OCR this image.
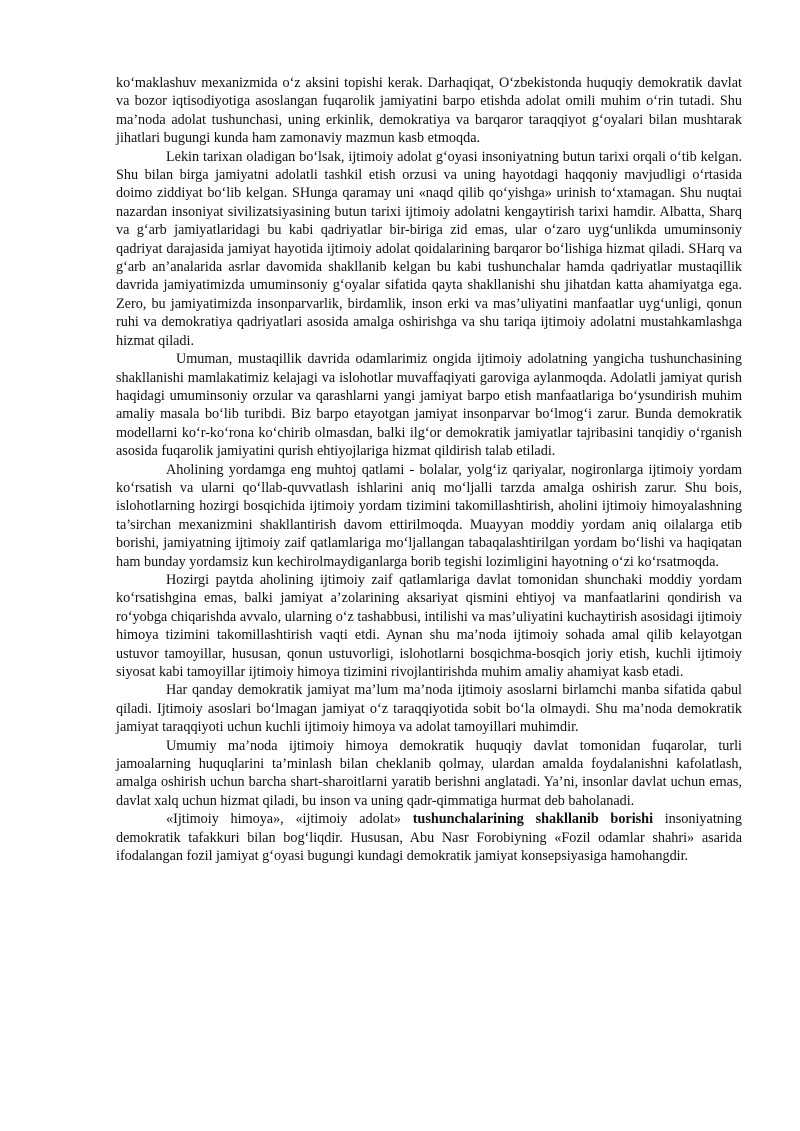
ko‘maklashuv mexanizmida o‘z aksini topishi kerak. Darhaqiqat, O‘zbekistonda huquqiy demokratik davlat va bozor iqtisodiyotiga asoslangan fuqarolik jamiyatini barpo etishda adolat omili muhim o‘rin tutadi. Shu ma’noda adolat tushunchasi, uning erkinlik, demokratiya va barqaror taraqqiyot g‘oyalari bilan mushtarak jihatlari bugungi kunda ham zamonaviy mazmun kasb etmoqda.

Lekin tarixan oladigan bo‘lsak, ijtimoiy adolat g‘oyasi insoniyatning butun tarixi orqali o‘tib kelgan. Shu bilan birga jamiyatni adolatli tashkil etish orzusi va uning hayotdagi haqqoniy mavjudligi o‘rtasida doimo ziddiyat bo‘lib kelgan. SHunga qaramay uni «naqd qilib qo‘yishga» urinish to‘xtamagan. Shu nuqtai nazardan insoniyat sivilizatsiyasining butun tarixi ijtimoiy adolatni kengaytirish tarixi hamdir. Albatta, Sharq va g‘arb jamiyatlaridagi bu kabi qadriyatlar bir-biriga zid emas, ular o‘zaro uyg‘unlikda umuminsoniy qadriyat darajasida jamiyat hayotida ijtimoiy adolat qoidalarining barqaror bo‘lishiga hizmat qiladi. SHarq va g‘arb an’analarida asrlar davomida shakllanib kelgan bu kabi tushunchalar hamda qadriyatlar mustaqillik davrida jamiyatimizda umuminsoniy g‘oyalar sifatida qayta shakllanishi shu jihatdan katta ahamiyatga ega. Zero, bu jamiyatimizda insonparvarlik, birdamlik, inson erki va mas’uliyatini manfaatlar uyg‘unligi, qonun ruhi va demokratiya qadriyatlari asosida amalga oshirishga va shu tariqa ijtimoiy adolatni mustahkamlashga hizmat qiladi.

Umuman, mustaqillik davrida odamlarimiz ongida ijtimoiy adolatning yangicha tushunchasining shakllanishi mamlakatimiz kelajagi va islohotlar muvaffaqiyati garoviga aylanmoqda. Adolatli jamiyat qurish haqidagi umuminsoniy orzular va qarashlarni yangi jamiyat barpo etish manfaatlariga bo‘ysundirish muhim amaliy masala bo‘lib turibdi. Biz barpo etayotgan jamiyat insonparvar bo‘lmog‘i zarur. Bunda demokratik modellarni ko‘r-ko‘rona ko‘chirib olmasdan, balki ilg‘or demokratik jamiyatlar tajribasini tanqidiy o‘rganish asosida fuqarolik jamiyatini qurish ehtiyojlariga hizmat qildirish talab etiladi.

Aholining yordamga eng muhtoj qatlami - bolalar, yolg‘iz qariyalar, nogironlarga ijtimoiy yordam ko‘rsatish va ularni qo‘llab-quvvatlash ishlarini aniq mo‘ljalli tarzda amalga oshirish zarur. Shu bois, islohotlarning hozirgi bosqichida ijtimoiy yordam tizimini takomillashtirish, aholini ijtimoiy himoyalashning ta’sirchan mexanizmini shakllantirish davom ettirilmoqda. Muayyan moddiy yordam aniq oilalarga etib borishi, jamiyatning ijtimoiy zaif qatlamlariga mo‘ljallangan tabaqalashtirilgan yordam bo‘lishi va haqiqatan ham bunday yordamsiz kun kechirolmaydiganlarga borib tegishi lozimligini hayotning o‘zi ko‘rsatmoqda.

Hozirgi paytda aholining ijtimoiy zaif qatlamlariga davlat tomonidan shunchaki moddiy yordam ko‘rsatishgina emas, balki jamiyat a’zolarining aksariyat qismini ehtiyoj va manfaatlarini qondirish va ro‘yobga chiqarishda avvalo, ularning o‘z tashabbusi, intilishi va mas’uliyatini kuchaytirish asosidagi ijtimoiy himoya tizimini takomillashtirish vaqti etdi. Aynan shu ma’noda ijtimoiy sohada amal qilib kelayotgan ustuvor tamoyillar, hususan, qonun ustuvorligi, islohotlarni bosqichma-bosqich joriy etish, kuchli ijtimoiy siyosat kabi tamoyillar ijtimoiy himoya tizimini rivojlantirishda muhim amaliy ahamiyat kasb etadi.

Har qanday demokratik jamiyat ma’lum ma’noda ijtimoiy asoslarni birlamchi manba sifatida qabul qiladi. Ijtimoiy asoslari bo‘lmagan jamiyat o‘z taraqqiyotida sobit bo‘la olmaydi. Shu ma’noda demokratik jamiyat taraqqiyoti uchun kuchli ijtimoiy himoya va adolat tamoyillari muhimdir.

Umumiy ma’noda ijtimoiy himoya demokratik huquqiy davlat tomonidan fuqarolar, turli jamoalarning huquqlarini ta’minlash bilan cheklanib qolmay, ulardan amalda foydalanishni kafolatlash, amalga oshirish uchun barcha shart-sharoitlarni yaratib berishni anglatadi. Ya’ni, insonlar davlat uchun emas, davlat xalq uchun hizmat qiladi, bu inson va uning qadr-qimmatiga hurmat deb baholanadi.

«Ijtimoiy himoya», «ijtimoiy adolat» tushunchalarining shakllanib borishi insoniyatning demokratik tafakkuri bilan bog‘liqdir. Hususan, Abu Nasr Forobiyning «Fozil odamlar shahri» asarida ifodalangan fozil jamiyat g‘oyasi bugungi kundagi demokratik jamiyat konsepsiyasiga hamohangdir.
